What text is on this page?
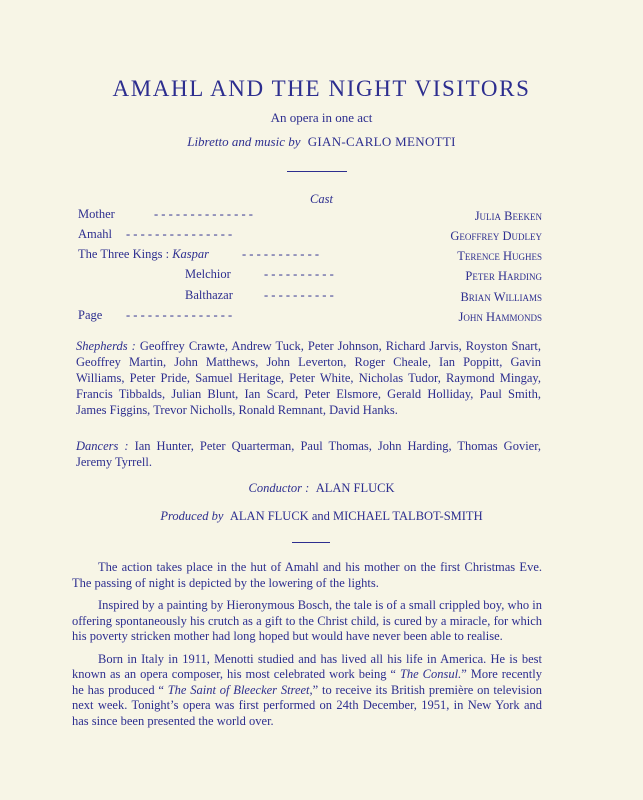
AMAHL AND THE NIGHT VISITORS
An opera in one act
Libretto and music by GIAN-CARLO MENOTTI
Cast
Mother	- - - - - - - - - - - - - -	Julia Beeken
Amahl - - - - - - - - - - - - - - -	Geoffrey Dudley
The Three Kings : Kaspar	- - - - - - - - - - -	Terence Hughes
Melchior	- - - - - - - - - -	Peter Harding
Balthazar - - - - - - - - - -	Brian Williams
Page - - - - - - - - - - - - - - -	John Hammonds
Shepherds : Geoffrey Crawte, Andrew Tuck, Peter Johnson, Richard Jarvis, Royston Snart, Geoffrey Martin, John Matthews, John Leverton, Roger Cheale, Ian Poppitt, Gavin Williams, Peter Pride, Samuel Heritage, Peter White, Nicholas Tudor, Raymond Mingay, Francis Tibbalds, Julian Blunt, Ian Scard, Peter Elsmore, Gerald Holliday, Paul Smith, James Figgins, Trevor Nicholls, Ronald Remnant, David Hanks.
Dancers : Ian Hunter, Peter Quarterman, Paul Thomas, John Harding, Thomas Govier, Jeremy Tyrrell.
Conductor : ALAN FLUCK
Produced by ALAN FLUCK and MICHAEL TALBOT-SMITH

The action takes place in the hut of Amahl and his mother on the first Christmas Eve. The passing of night is depicted by the lowering of the lights.

Inspired by a painting by Hieronymous Bosch, the tale is of a small crippled boy, who in offering spontaneously his crutch as a gift to the Christ child, is cured by a miracle, for which his poverty stricken mother had long hoped but would have never been able to realise.

Born in Italy in 1911, Menotti studied and has lived all his life in America. He is best known as an opera composer, his most celebrated work being “ The Consul.” More recently he has produced “ The Saint of Bleecker Street,” to receive its British première on television next week. Tonight’s opera was first performed on 24th December, 1951, in New York and has since been presented the world over.
